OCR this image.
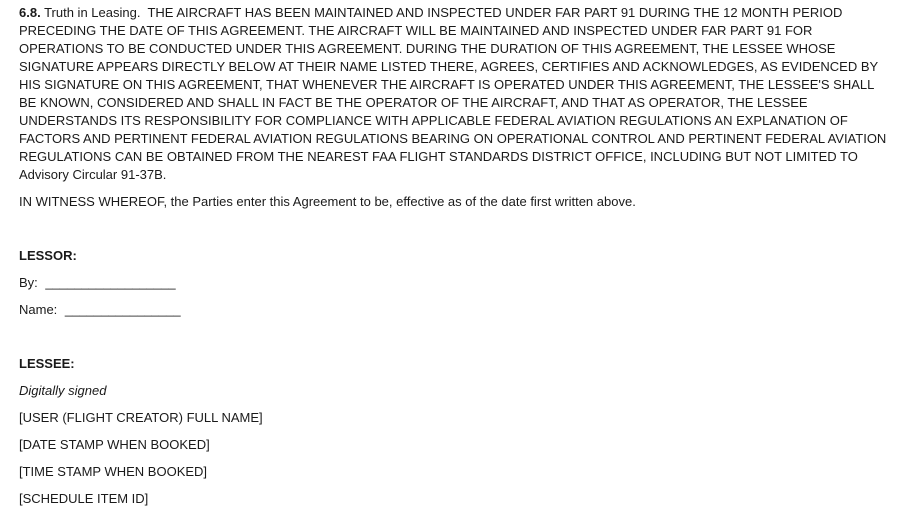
6.8. Truth in Leasing. THE AIRCRAFT HAS BEEN MAINTAINED AND INSPECTED UNDER FAR PART 91 DURING THE 12 MONTH PERIOD PRECEDING THE DATE OF THIS AGREEMENT. THE AIRCRAFT WILL BE MAINTAINED AND INSPECTED UNDER FAR PART 91 FOR OPERATIONS TO BE CONDUCTED UNDER THIS AGREEMENT. DURING THE DURATION OF THIS AGREEMENT, THE LESSEE WHOSE SIGNATURE APPEARS DIRECTLY BELOW AT THEIR NAME LISTED THERE, AGREES, CERTIFIES AND ACKNOWLEDGES, AS EVIDENCED BY HIS SIGNATURE ON THIS AGREEMENT, THAT WHENEVER THE AIRCRAFT IS OPERATED UNDER THIS AGREEMENT, THE LESSEE'S SHALL BE KNOWN, CONSIDERED AND SHALL IN FACT BE THE OPERATOR OF THE AIRCRAFT, AND THAT AS OPERATOR, THE LESSEE UNDERSTANDS ITS RESPONSIBILITY FOR COMPLIANCE WITH APPLICABLE FEDERAL AVIATION REGULATIONS AN EXPLANATION OF FACTORS AND PERTINENT FEDERAL AVIATION REGULATIONS BEARING ON OPERATIONAL CONTROL AND PERTINENT FEDERAL AVIATION REGULATIONS CAN BE OBTAINED FROM THE NEAREST FAA FLIGHT STANDARDS DISTRICT OFFICE, INCLUDING BUT NOT LIMITED TO Advisory Circular 91-37B.

IN WITNESS WHEREOF, the Parties enter this Agreement to be, effective as of the date first written above.
LESSOR:
By: __________________
Name: ________________
LESSEE:
Digitally signed
[USER (FLIGHT CREATOR) FULL NAME]
[DATE STAMP WHEN BOOKED]
[TIME STAMP WHEN BOOKED]
[SCHEDULE ITEM ID]
